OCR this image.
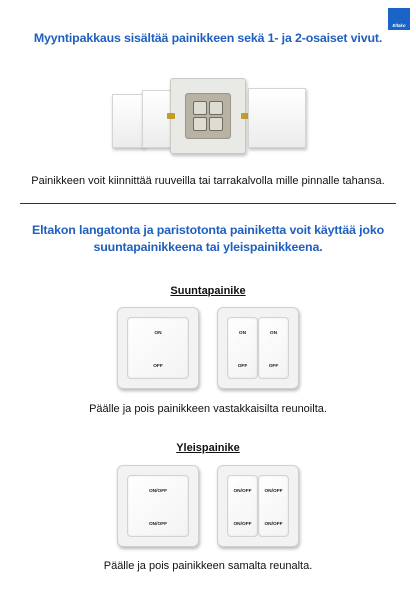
Eltako
Myyntipakkaus sisältää painikkeen sekä 1- ja 2-osaiset vivut.
Painikkeen voit kiinnittää ruuveilla tai tarrakalvolla mille pinnalle tahansa.
Eltakon langatonta ja paristotonta painiketta voit käyttää joko
suuntapainikkeena tai yleispainikkeena.
Suuntapainike
ON
OFF
ON
OFF
ON
OFF
Päälle ja pois painikkeen vastakkaisilta reunoilta.
Yleispainike
ON/OFF
ON/OFF
ON/OFF
ON/OFF
ON/OFF
ON/OFF
Päälle ja pois painikkeen samalta reunalta.
